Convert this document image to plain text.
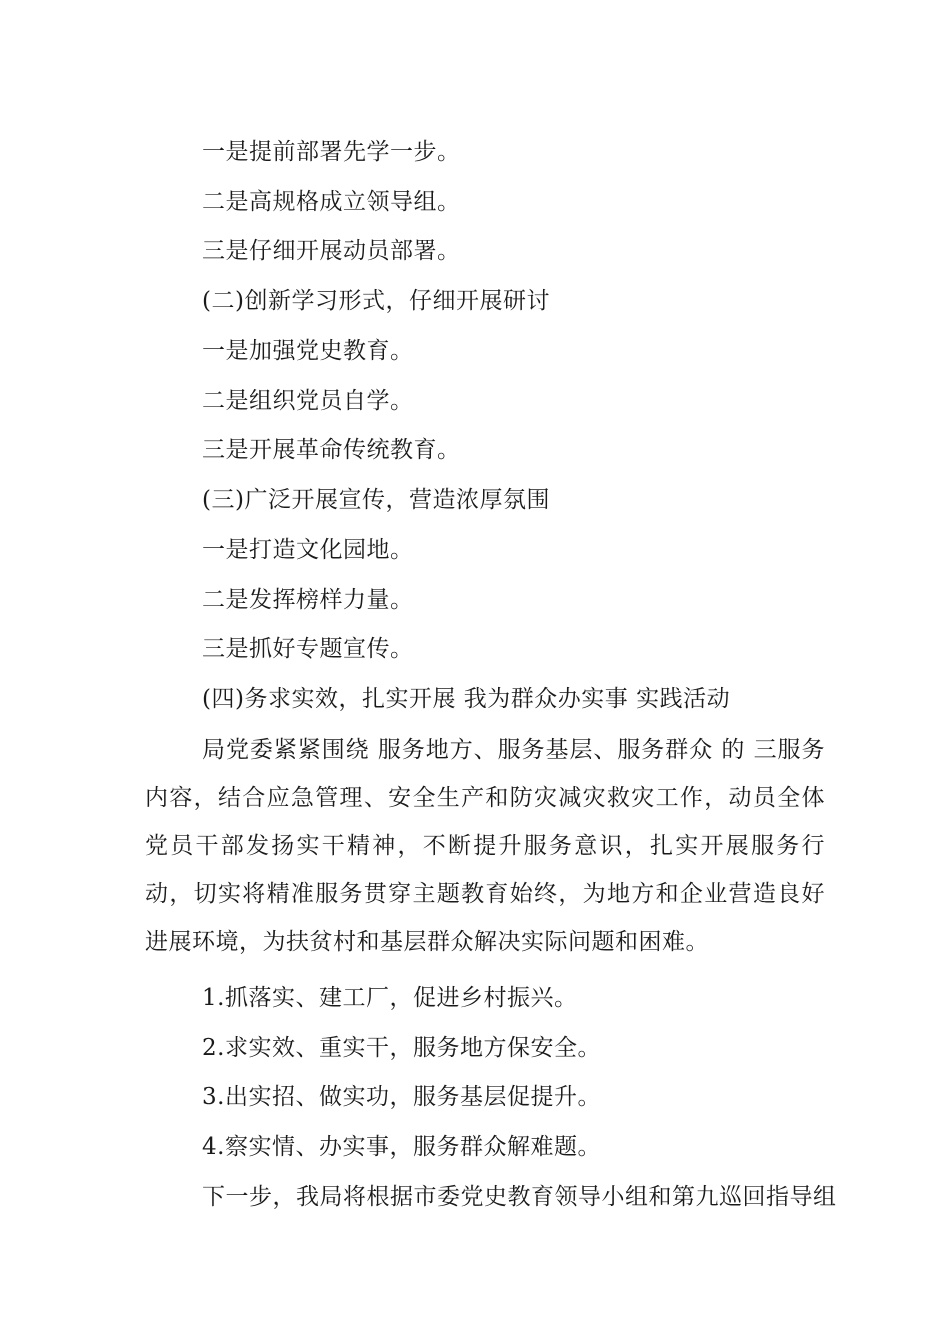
一是提前部署先学一步。
二是高规格成立领导组。
三是仔细开展动员部署。
(二)创新学习形式，仔细开展研讨
一是加强党史教育。
二是组织党员自学。
三是开展革命传统教育。
(三)广泛开展宣传，营造浓厚氛围
一是打造文化园地。
二是发挥榜样力量。
三是抓好专题宣传。
(四)务求实效，扎实开展 我为群众办实事 实践活动
局党委紧紧围绕 服务地方、服务基层、服务群众 的 三服务 内容，结合应急管理、安全生产和防灾减灾救灾工作，动员全体党员干部发扬实干精神，不断提升服务意识，扎实开展服务行动，切实将精准服务贯穿主题教育始终，为地方和企业营造良好进展环境，为扶贫村和基层群众解决实际问题和困难。
1.抓落实、建工厂，促进乡村振兴。
2.求实效、重实干，服务地方保安全。
3.出实招、做实功，服务基层促提升。
4.察实情、办实事，服务群众解难题。
下一步，我局将根据市委党史教育领导小组和第九巡回指导组
